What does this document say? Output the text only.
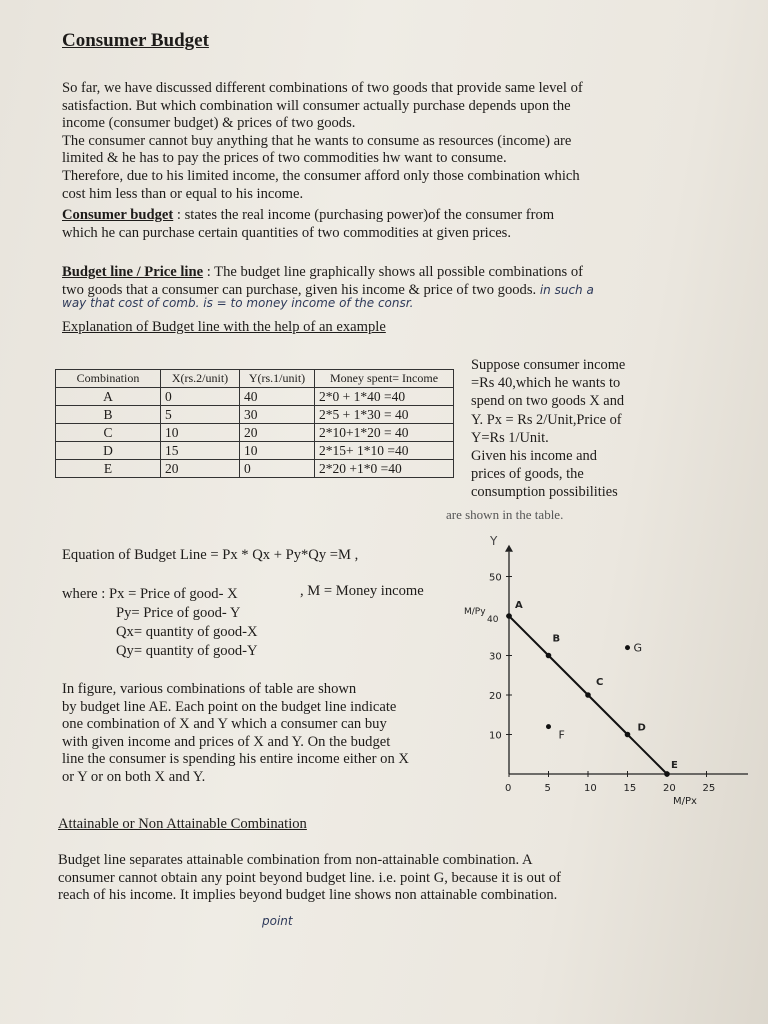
Consumer Budget
So far, we have discussed different combinations of two goods that provide same level of
satisfaction. But which combination will consumer actually purchase depends upon the
income (consumer budget) & prices of two goods.
The consumer cannot buy anything that he wants to consume as resources (income) are
limited & he has to pay the prices of two commodities hw want to consume.
Therefore, due to his limited income, the consumer afford only those combination which
cost him less than or equal to his income.
Consumer budget : states the real income (purchasing power)of the consumer from
which he can purchase certain quantities of two commodities at given prices.
Budget line / Price line : The budget line graphically shows all possible combinations of
two goods that a consumer can purchase, given his income & price of two goods. in such a
way that cost of comb. is = to money income of the consr.
Explanation of Budget line with the help of an example
Combination	X(rs.2/unit)	Y(rs.1/unit)	Money spent= Income
A	0	40	2*0 + 1*40 =40
B	5	30	2*5 + 1*30 = 40
C	10	20	2*10+1*20 = 40
D	15	10	2*15+ 1*10 =40
E	20	0	2*20 +1*0 =40
Suppose consumer income
=Rs 40,which he wants to
spend on two goods X and
Y. Px = Rs 2/Unit,Price of
Y=Rs 1/Unit.
Given his income and
prices of goods, the
consumption possibilities
are shown in the table.
Equation of Budget Line = Px * Qx + Py*Qy =M ,
where : Px = Price of good- X
Py= Price of good- Y
Qx= quantity of good-X
Qy= quantity of good-Y
, M = Money income
In figure, various combinations of table are shown
by budget line AE. Each point on the budget line indicate
one combination of X and Y which a consumer can buy
with given income and prices of X and Y. On the budget
line the consumer is spending his entire income either on X
or Y or on both X and Y.
Attainable or Non Attainable Combination
Budget line separates attainable combination from non-attainable combination. A
consumer cannot obtain any point beyond budget line. i.e. point G, because it is out of
reach of his income. It implies beyond budget line shows non attainable combination.
point
Y
0	5	10	15	20	25
10
20
30
50
M/Py
40
M/Px
A
B
C
D
E
G
F
